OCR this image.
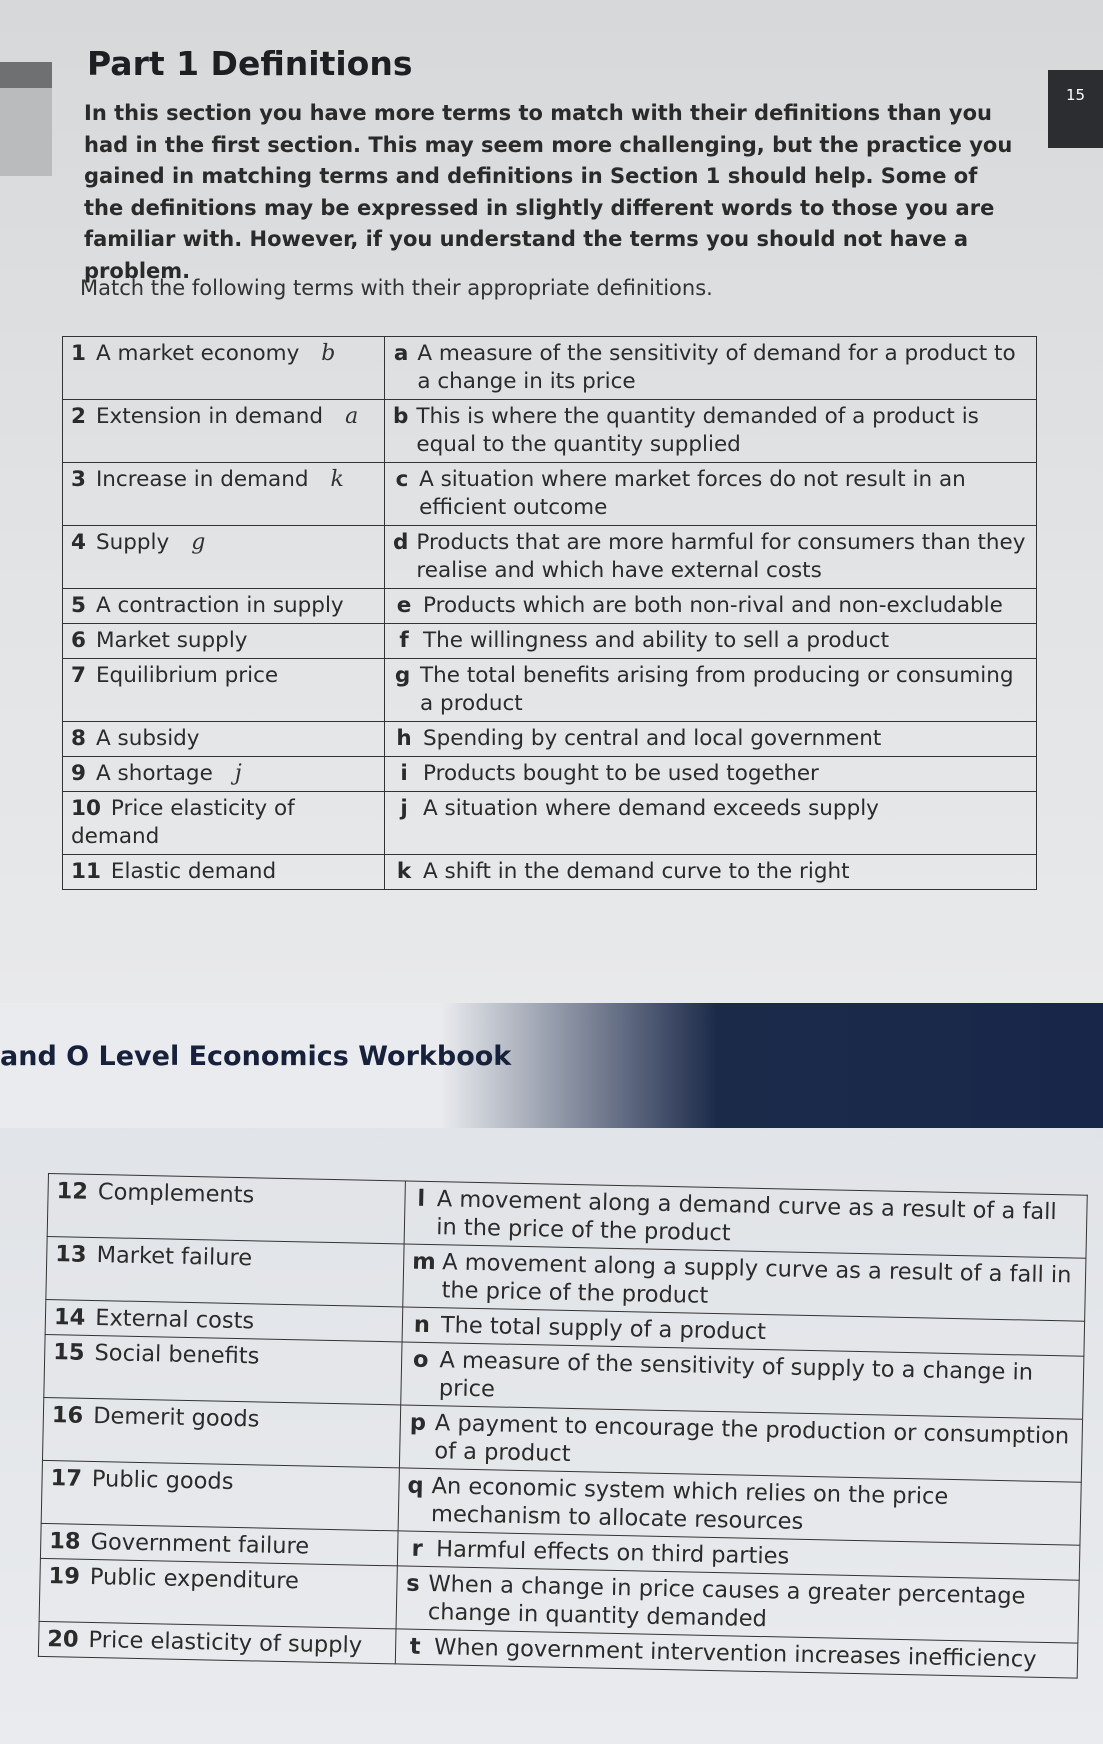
15
Part 1 Definitions
In this section you have more terms to match with their definitions than you had in the first section. This may seem more challenging, but the practice you gained in matching terms and definitions in Section 1 should help. Some of the definitions may be expressed in slightly different words to those you are familiar with. However, if you understand the terms you should not have a problem.
Match the following terms with their appropriate definitions.
1 A market economy b	a A measure of the sensitivity of demand for a product to a change in its price

2 Extension in demand a	b This is where the quantity demanded of a product is equal to the quantity supplied

3 Increase in demand k	c A situation where market forces do not result in an efficient outcome

4 Supply g	d Products that are more harmful for consumers than they realise and which have external costs

5 A contraction in supply	e Products which are both non-rival and non-excludable

6 Market supply	f The willingness and ability to sell a product

7 Equilibrium price	g The total benefits arising from producing or consuming a product

8 A subsidy	h Spending by central and local government

9 A shortage j	i Products bought to be used together

10 Price elasticity of demand	j A situation where demand exceeds supply

11 Elastic demand	k A shift in the demand curve to the right
and O Level Economics Workbook
12 Complements	l A movement along a demand curve as a result of a fall in the price of the product

13 Market failure	m A movement along a supply curve as a result of a fall in the price of the product

14 External costs	n The total supply of a product

15 Social benefits	o A measure of the sensitivity of supply to a change in price

16 Demerit goods	p A payment to encourage the production or consumption of a product

17 Public goods	q An economic system which relies on the price mechanism to allocate resources

18 Government failure	r Harmful effects on third parties

19 Public expenditure	s When a change in price causes a greater percentage change in quantity demanded

20 Price elasticity of supply	t When government intervention increases inefficiency
